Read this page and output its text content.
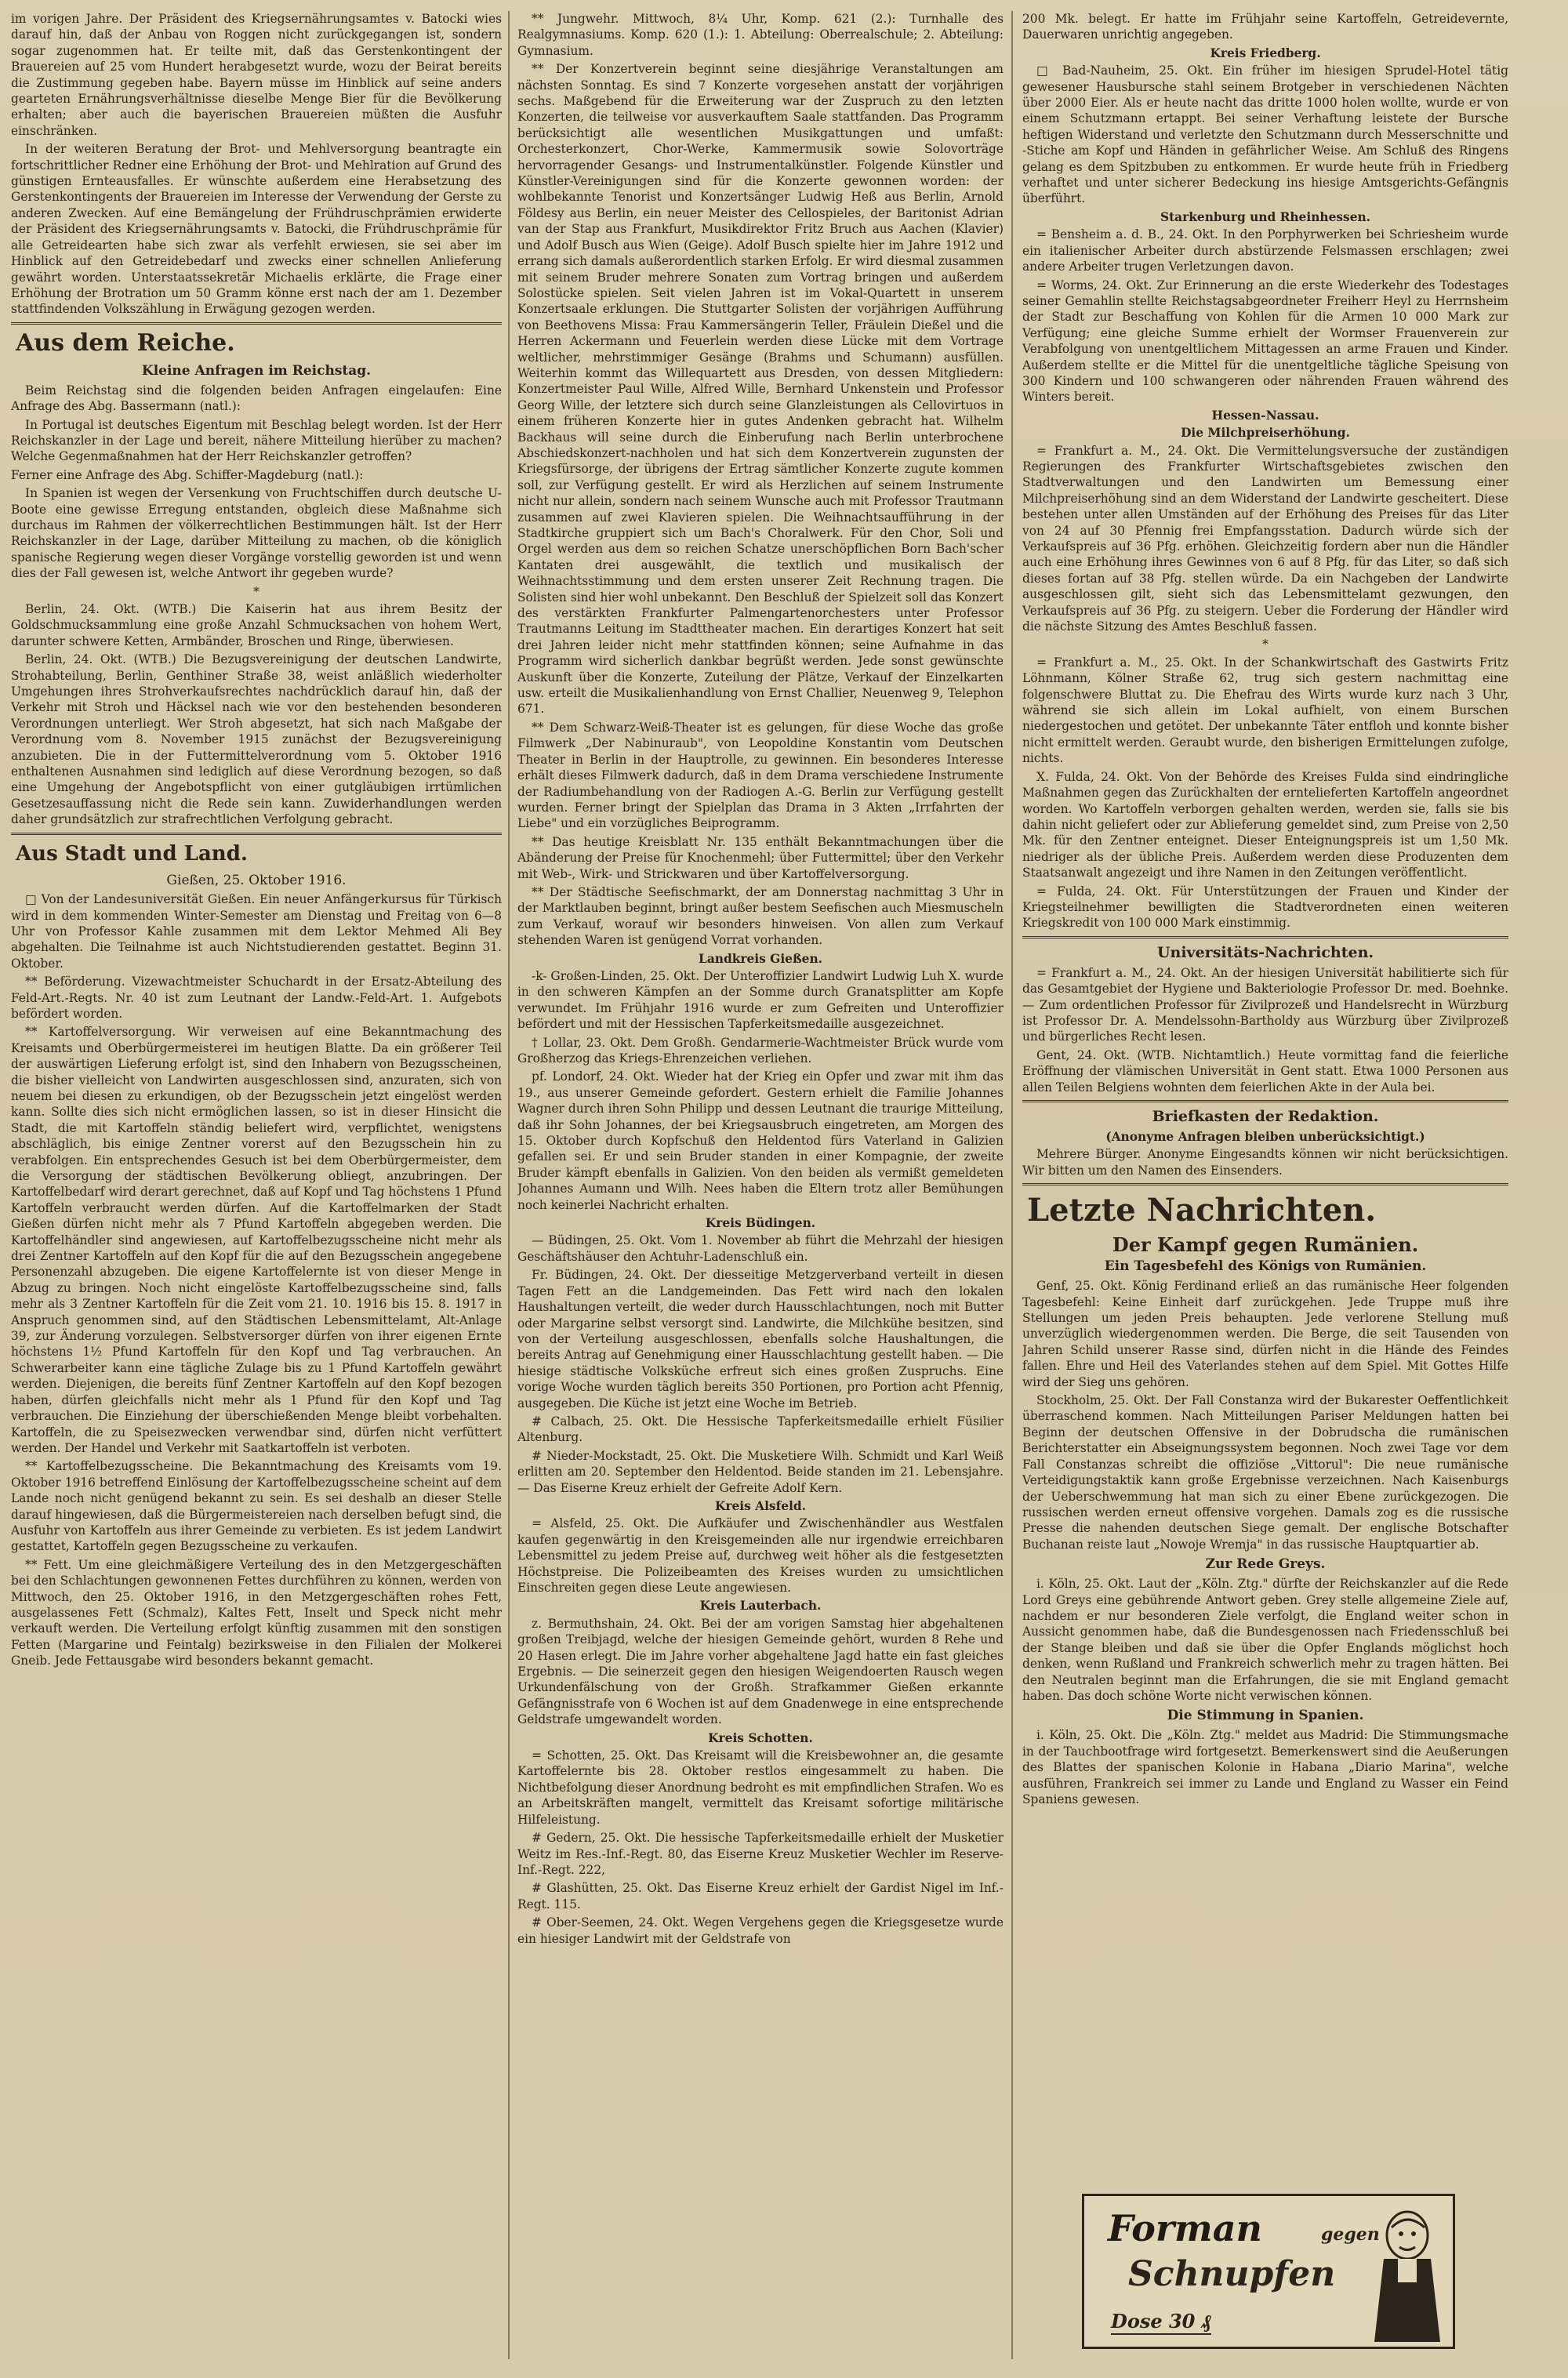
im vorigen Jahre. Der Präsident des Kriegsernährungsamtes v. Batocki wies darauf hin, daß der Anbau von Roggen nicht zurückgegangen ist, sondern sogar zugenommen hat. Er teilte mit, daß das Gerstenkontingent der Brauereien auf 25 vom Hundert herabgesetzt wurde, wozu der Beirat bereits die Zustimmung gegeben habe. Bayern müsse im Hinblick auf seine anders gearteten Ernährungsverhältnisse dieselbe Menge Bier für die Bevölkerung erhalten; aber auch die bayerischen Brauereien müßten die Ausfuhr einschränken.

In der weiteren Beratung der Brot- und Mehlversorgung beantragte ein fortschrittlicher Redner eine Erhöhung der Brot- und Mehlration auf Grund des günstigen Ernteausfalles. Er wünschte außerdem eine Herabsetzung des Gerstenkontingents der Brauereien im Interesse der Verwendung der Gerste zu anderen Zwecken. Auf eine Bemängelung der Frühdruschprämien erwiderte der Präsident des Kriegsernährungsamts v. Batocki, die Frühdruschprämie für alle Getreidearten habe sich zwar als verfehlt erwiesen, sie sei aber im Hinblick auf den Getreidebedarf und zwecks einer schnellen Anlieferung gewährt worden. Unterstaatssekretär Michaelis erklärte, die Frage einer Erhöhung der Brotration um 50 Gramm könne erst nach der am 1. Dezember stattfindenden Volkszählung in Erwägung gezogen werden.

Aus dem Reiche.
Kleine Anfragen im Reichstag.

Beim Reichstag sind die folgenden beiden Anfragen eingelaufen: Eine Anfrage des Abg. Bassermann (natl.):

In Portugal ist deutsches Eigentum mit Beschlag belegt worden. Ist der Herr Reichskanzler in der Lage und bereit, nähere Mitteilung hierüber zu machen? Welche Gegenmaßnahmen hat der Herr Reichskanzler getroffen?

Ferner eine Anfrage des Abg. Schiffer-Magdeburg (natl.):

In Spanien ist wegen der Versenkung von Fruchtschiffen durch deutsche U-Boote eine gewisse Erregung entstanden, obgleich diese Maßnahme sich durchaus im Rahmen der völkerrechtlichen Bestimmungen hält. Ist der Herr Reichskanzler in der Lage, darüber Mitteilung zu machen, ob die königlich spanische Regierung wegen dieser Vorgänge vorstellig geworden ist und wenn dies der Fall gewesen ist, welche Antwort ihr gegeben wurde?

*

Berlin, 24. Okt. (WTB.) Die Kaiserin hat aus ihrem Besitz der Goldschmucksammlung eine große Anzahl Schmucksachen von hohem Wert, darunter schwere Ketten, Armbänder, Broschen und Ringe, überwiesen.

Berlin, 24. Okt. (WTB.) Die Bezugsvereinigung der deutschen Landwirte, Strohabteilung, Berlin, Genthiner Straße 38, weist anläßlich wiederholter Umgehungen ihres Strohverkaufsrechtes nachdrücklich darauf hin, daß der Verkehr mit Stroh und Häcksel nach wie vor den bestehenden besonderen Verordnungen unterliegt. Wer Stroh abgesetzt, hat sich nach Maßgabe der Verordnung vom 8. November 1915 zunächst der Bezugsvereinigung anzubieten. Die in der Futtermittelverordnung vom 5. Oktober 1916 enthaltenen Ausnahmen sind lediglich auf diese Verordnung bezogen, so daß eine Umgehung der Angebotspflicht von einer gutgläubigen irrtümlichen Gesetzesauffassung nicht die Rede sein kann. Zuwiderhandlungen werden daher grundsätzlich zur strafrechtlichen Verfolgung gebracht.

Aus Stadt und Land.
Gießen, 25. Oktober 1916.

□ Von der Landesuniversität Gießen. Ein neuer Anfängerkursus für Türkisch wird in dem kommenden Winter-Semester am Dienstag und Freitag von 6—8 Uhr von Professor Kahle zusammen mit dem Lektor Mehmed Ali Bey abgehalten. Die Teilnahme ist auch Nichtstudierenden gestattet. Beginn 31. Oktober.

** Beförderung. Vizewachtmeister Schuchardt in der Ersatz-Abteilung des Feld-Art.-Regts. Nr. 40 ist zum Leutnant der Landw.-Feld-Art. 1. Aufgebots befördert worden.

** Kartoffelversorgung. Wir verweisen auf eine Bekanntmachung des Kreisamts und Oberbürgermeisterei im heutigen Blatte. Da ein größerer Teil der auswärtigen Lieferung erfolgt ist, sind den Inhabern von Bezugsscheinen, die bisher vielleicht von Landwirten ausgeschlossen sind, anzuraten, sich von neuem bei diesen zu erkundigen, ob der Bezugsschein jetzt eingelöst werden kann. Sollte dies sich nicht ermöglichen lassen, so ist in dieser Hinsicht die Stadt, die mit Kartoffeln ständig beliefert wird, verpflichtet, wenigstens abschläglich, bis einige Zentner vorerst auf den Bezugsschein hin zu verabfolgen. Ein entsprechendes Gesuch ist bei dem Oberbürgermeister, dem die Versorgung der städtischen Bevölkerung obliegt, anzubringen. Der Kartoffelbedarf wird derart gerechnet, daß auf Kopf und Tag höchstens 1 Pfund Kartoffeln verbraucht werden dürfen. Auf die Kartoffelmarken der Stadt Gießen dürfen nicht mehr als 7 Pfund Kartoffeln abgegeben werden. Die Kartoffelhändler sind angewiesen, auf Kartoffelbezugsscheine nicht mehr als drei Zentner Kartoffeln auf den Kopf für die auf den Bezugsschein angegebene Personenzahl abzugeben. Die eigene Kartoffelernte ist von dieser Menge in Abzug zu bringen. Noch nicht eingelöste Kartoffelbezugsscheine sind, falls mehr als 3 Zentner Kartoffeln für die Zeit vom 21. 10. 1916 bis 15. 8. 1917 in Anspruch genommen sind, auf den Städtischen Lebensmittelamt, Alt-Anlage 39, zur Änderung vorzulegen. Selbstversorger dürfen von ihrer eigenen Ernte höchstens 1½ Pfund Kartoffeln für den Kopf und Tag verbrauchen. An Schwerarbeiter kann eine tägliche Zulage bis zu 1 Pfund Kartoffeln gewährt werden. Diejenigen, die bereits fünf Zentner Kartoffeln auf den Kopf bezogen haben, dürfen gleichfalls nicht mehr als 1 Pfund für den Kopf und Tag verbrauchen. Die Einziehung der überschießenden Menge bleibt vorbehalten. Kartoffeln, die zu Speisezwecken verwendbar sind, dürfen nicht verfüttert werden. Der Handel und Verkehr mit Saatkartoffeln ist verboten.

** Kartoffelbezugsscheine. Die Bekanntmachung des Kreisamts vom 19. Oktober 1916 betreffend Einlösung der Kartoffelbezugsscheine scheint auf dem Lande noch nicht genügend bekannt zu sein. Es sei deshalb an dieser Stelle darauf hingewiesen, daß die Bürgermeistereien nach derselben befugt sind, die Ausfuhr von Kartoffeln aus ihrer Gemeinde zu verbieten. Es ist jedem Landwirt gestattet, Kartoffeln gegen Bezugsscheine zu verkaufen.

** Fett. Um eine gleichmäßigere Verteilung des in den Metzgergeschäften bei den Schlachtungen gewonnenen Fettes durchführen zu können, werden von Mittwoch, den 25. Oktober 1916, in den Metzgergeschäften rohes Fett, ausgelassenes Fett (Schmalz), Kaltes Fett, Inselt und Speck nicht mehr verkauft werden. Die Verteilung erfolgt künftig zusammen mit den sonstigen Fetten (Margarine und Feintalg) bezirksweise in den Filialen der Molkerei Gneib. Jede Fettausgabe wird besonders bekannt gemacht.

** Jungwehr. Mittwoch, 8¼ Uhr, Komp. 621 (2.): Turnhalle des Realgymnasiums. Komp. 620 (1.): 1. Abteilung: Oberrealschule; 2. Abteilung: Gymnasium.

** Der Konzertverein beginnt seine diesjährige Veranstaltungen am nächsten Sonntag. Es sind 7 Konzerte vorgesehen anstatt der vorjährigen sechs. Maßgebend für die Erweiterung war der Zuspruch zu den letzten Konzerten, die teilweise vor ausverkauftem Saale stattfanden. Das Programm berücksichtigt alle wesentlichen Musikgattungen und umfaßt: Orchesterkonzert, Chor-Werke, Kammermusik sowie Solovorträge hervorragender Gesangs- und Instrumentalkünstler. Folgende Künstler und Künstler-Vereinigungen sind für die Konzerte gewonnen worden: der wohlbekannte Tenorist und Konzertsänger Ludwig Heß aus Berlin, Arnold Földesy aus Berlin, ein neuer Meister des Cellospieles, der Baritonist Adrian van der Stap aus Frankfurt, Musikdirektor Fritz Bruch aus Aachen (Klavier) und Adolf Busch aus Wien (Geige). Adolf Busch spielte hier im Jahre 1912 und errang sich damals außerordentlich starken Erfolg. Er wird diesmal zusammen mit seinem Bruder mehrere Sonaten zum Vortrag bringen und außerdem Solostücke spielen. Seit vielen Jahren ist im Vokal-Quartett in unserem Konzertsaale erklungen. Die Stuttgarter Solisten der vorjährigen Aufführung von Beethovens Missa: Frau Kammersängerin Teller, Fräulein Dießel und die Herren Ackermann und Feuerlein werden diese Lücke mit dem Vortrage weltlicher, mehrstimmiger Gesänge (Brahms und Schumann) ausfüllen. Weiterhin kommt das Willequartett aus Dresden, von dessen Mitgliedern: Konzertmeister Paul Wille, Alfred Wille, Bernhard Unkenstein und Professor Georg Wille, der letztere sich durch seine Glanzleistungen als Cellovirtuos in einem früheren Konzerte hier in gutes Andenken gebracht hat. Wilhelm Backhaus will seine durch die Einberufung nach Berlin unterbrochene Abschiedskonzert-nachholen und hat sich dem Konzertverein zugunsten der Kriegsfürsorge, der übrigens der Ertrag sämtlicher Konzerte zugute kommen soll, zur Verfügung gestellt. Er wird als Herzlichen auf seinem Instrumente nicht nur allein, sondern nach seinem Wunsche auch mit Professor Trautmann zusammen auf zwei Klavieren spielen. Die Weihnachtsaufführung in der Stadtkirche gruppiert sich um Bach's Choralwerk. Für den Chor, Soli und Orgel werden aus dem so reichen Schatze unerschöpflichen Born Bach'scher Kantaten drei ausgewählt, die textlich und musikalisch der Weihnachtsstimmung und dem ersten unserer Zeit Rechnung tragen. Die Solisten sind hier wohl unbekannt. Den Beschluß der Spielzeit soll das Konzert des verstärkten Frankfurter Palmengartenorchesters unter Professor Trautmanns Leitung im Stadttheater machen. Ein derartiges Konzert hat seit drei Jahren leider nicht mehr stattfinden können; seine Aufnahme in das Programm wird sicherlich dankbar begrüßt werden. Jede sonst gewünschte Auskunft über die Konzerte, Zuteilung der Plätze, Verkauf der Einzelkarten usw. erteilt die Musikalienhandlung von Ernst Challier, Neuenweg 9, Telephon 671.

** Dem Schwarz-Weiß-Theater ist es gelungen, für diese Woche das große Filmwerk „Der Nabinuraub", von Leopoldine Konstantin vom Deutschen Theater in Berlin in der Hauptrolle, zu gewinnen. Ein besonderes Interesse erhält dieses Filmwerk dadurch, daß in dem Drama verschiedene Instrumente der Radiumbehandlung von der Radiogen A.-G. Berlin zur Verfügung gestellt wurden. Ferner bringt der Spielplan das Drama in 3 Akten „Irrfahrten der Liebe" und ein vorzügliches Beiprogramm.

** Das heutige Kreisblatt Nr. 135 enthält Bekanntmachungen über die Abänderung der Preise für Knochenmehl; über Futtermittel; über den Verkehr mit Web-, Wirk- und Strickwaren und über Kartoffelversorgung.

** Der Städtische Seefischmarkt, der am Donnerstag nachmittag 3 Uhr in der Marktlauben beginnt, bringt außer bestem Seefischen auch Miesmuscheln zum Verkauf, worauf wir besonders hinweisen. Von allen zum Verkauf stehenden Waren ist genügend Vorrat vorhanden.

Landkreis Gießen.

-k- Großen-Linden, 25. Okt. Der Unteroffizier Landwirt Ludwig Luh X. wurde in den schweren Kämpfen an der Somme durch Granatsplitter am Kopfe verwundet. Im Frühjahr 1916 wurde er zum Gefreiten und Unteroffizier befördert und mit der Hessischen Tapferkeitsmedaille ausgezeichnet.

† Lollar, 23. Okt. Dem Großh. Gendarmerie-Wachtmeister Brück wurde vom Großherzog das Kriegs-Ehrenzeichen verliehen.

pf. Londorf, 24. Okt. Wieder hat der Krieg ein Opfer und zwar mit ihm das 19., aus unserer Gemeinde gefordert. Gestern erhielt die Familie Johannes Wagner durch ihren Sohn Philipp und dessen Leutnant die traurige Mitteilung, daß ihr Sohn Johannes, der bei Kriegsausbruch eingetreten, am Morgen des 15. Oktober durch Kopfschuß den Heldentod fürs Vaterland in Galizien gefallen sei. Er und sein Bruder standen in einer Kompagnie, der zweite Bruder kämpft ebenfalls in Galizien. Von den beiden als vermißt gemeldeten Johannes Aumann und Wilh. Nees haben die Eltern trotz aller Bemühungen noch keinerlei Nachricht erhalten.

Kreis Büdingen.

— Büdingen, 25. Okt. Vom 1. November ab führt die Mehrzahl der hiesigen Geschäftshäuser den Achtuhr-Ladenschluß ein.

Fr. Büdingen, 24. Okt. Der diesseitige Metzgerverband verteilt in diesen Tagen Fett an die Landgemeinden. Das Fett wird nach den lokalen Haushaltungen verteilt, die weder durch Hausschlachtungen, noch mit Butter oder Margarine selbst versorgt sind. Landwirte, die Milchkühe besitzen, sind von der Verteilung ausgeschlossen, ebenfalls solche Haushaltungen, die bereits Antrag auf Genehmigung einer Hausschlachtung gestellt haben. — Die hiesige städtische Volksküche erfreut sich eines großen Zuspruchs. Eine vorige Woche wurden täglich bereits 350 Portionen, pro Portion acht Pfennig, ausgegeben. Die Küche ist jetzt eine Woche im Betrieb.

# Calbach, 25. Okt. Die Hessische Tapferkeitsmedaille erhielt Füsilier Altenburg.

# Nieder-Mockstadt, 25. Okt. Die Musketiere Wilh. Schmidt und Karl Weiß erlitten am 20. September den Heldentod. Beide standen im 21. Lebensjahre. — Das Eiserne Kreuz erhielt der Gefreite Adolf Kern.

Kreis Alsfeld.

= Alsfeld, 25. Okt. Die Aufkäufer und Zwischenhändler aus Westfalen kaufen gegenwärtig in den Kreisgemeinden alle nur irgendwie erreichbaren Lebensmittel zu jedem Preise auf, durchweg weit höher als die festgesetzten Höchstpreise. Die Polizeibeamten des Kreises wurden zu umsichtlichen Einschreiten gegen diese Leute angewiesen.

Kreis Lauterbach.

z. Bermuthshain, 24. Okt. Bei der am vorigen Samstag hier abgehaltenen großen Treibjagd, welche der hiesigen Gemeinde gehört, wurden 8 Rehe und 20 Hasen erlegt. Die im Jahre vorher abgehaltene Jagd hatte ein fast gleiches Ergebnis. — Die seinerzeit gegen den hiesigen Weigendoerten Rausch wegen Urkundenfälschung von der Großh. Strafkammer Gießen erkannte Gefängnisstrafe von 6 Wochen ist auf dem Gnadenwege in eine entsprechende Geldstrafe umgewandelt worden.

Kreis Schotten.

= Schotten, 25. Okt. Das Kreisamt will die Kreisbewohner an, die gesamte Kartoffelernte bis 28. Oktober restlos eingesammelt zu haben. Die Nichtbefolgung dieser Anordnung bedroht es mit empfindlichen Strafen. Wo es an Arbeitskräften mangelt, vermittelt das Kreisamt sofortige militärische Hilfeleistung.

# Gedern, 25. Okt. Die hessische Tapferkeitsmedaille erhielt der Musketier Weitz im Res.-Inf.-Regt. 80, das Eiserne Kreuz Musketier Wechler im Reserve-Inf.-Regt. 222,

# Glashütten, 25. Okt. Das Eiserne Kreuz erhielt der Gardist Nigel im Inf.-Regt. 115.

# Ober-Seemen, 24. Okt. Wegen Vergehens gegen die Kriegsgesetze wurde ein hiesiger Landwirt mit der Geldstrafe von

200 Mk. belegt. Er hatte im Frühjahr seine Kartoffeln, Getreidevernte, Dauerwaren unrichtig angegeben.

Kreis Friedberg.

□ Bad-Nauheim, 25. Okt. Ein früher im hiesigen Sprudel-Hotel tätig gewesener Hausbursche stahl seinem Brotgeber in verschiedenen Nächten über 2000 Eier. Als er heute nacht das dritte 1000 holen wollte, wurde er von einem Schutzmann ertappt. Bei seiner Verhaftung leistete der Bursche heftigen Widerstand und verletzte den Schutzmann durch Messerschnitte und -Stiche am Kopf und Händen in gefährlicher Weise. Am Schluß des Ringens gelang es dem Spitzbuben zu entkommen. Er wurde heute früh in Friedberg verhaftet und unter sicherer Bedeckung ins hiesige Amtsgerichts-Gefängnis überführt.

Starkenburg und Rheinhessen.

= Bensheim a. d. B., 24. Okt. In den Porphyrwerken bei Schriesheim wurde ein italienischer Arbeiter durch abstürzende Felsmassen erschlagen; zwei andere Arbeiter trugen Verletzungen davon.

= Worms, 24. Okt. Zur Erinnerung an die erste Wiederkehr des Todestages seiner Gemahlin stellte Reichstagsabgeordneter Freiherr Heyl zu Herrnsheim der Stadt zur Beschaffung von Kohlen für die Armen 10 000 Mark zur Verfügung; eine gleiche Summe erhielt der Wormser Frauenverein zur Verabfolgung von unentgeltlichem Mittagessen an arme Frauen und Kinder. Außerdem stellte er die Mittel für die unentgeltliche tägliche Speisung von 300 Kindern und 100 schwangeren oder nährenden Frauen während des Winters bereit.

Hessen-Nassau.
Die Milchpreiserhöhung.

= Frankfurt a. M., 24. Okt. Die Vermittelungsversuche der zuständigen Regierungen des Frankfurter Wirtschaftsgebietes zwischen den Stadtverwaltungen und den Landwirten um Bemessung einer Milchpreiserhöhung sind an dem Widerstand der Landwirte gescheitert. Diese bestehen unter allen Umständen auf der Erhöhung des Preises für das Liter von 24 auf 30 Pfennig frei Empfangsstation. Dadurch würde sich der Verkaufspreis auf 36 Pfg. erhöhen. Gleichzeitig fordern aber nun die Händler auch eine Erhöhung ihres Gewinnes von 6 auf 8 Pfg. für das Liter, so daß sich dieses fortan auf 38 Pfg. stellen würde. Da ein Nachgeben der Landwirte ausgeschlossen gilt, sieht sich das Lebensmittelamt gezwungen, den Verkaufspreis auf 36 Pfg. zu steigern. Ueber die Forderung der Händler wird die nächste Sitzung des Amtes Beschluß fassen.

*

= Frankfurt a. M., 25. Okt. In der Schankwirtschaft des Gastwirts Fritz Löhnmann, Kölner Straße 62, trug sich gestern nachmittag eine folgenschwere Bluttat zu. Die Ehefrau des Wirts wurde kurz nach 3 Uhr, während sie sich allein im Lokal aufhielt, von einem Burschen niedergestochen und getötet. Der unbekannte Täter entfloh und konnte bisher nicht ermittelt werden. Geraubt wurde, den bisherigen Ermittelungen zufolge, nichts.

X. Fulda, 24. Okt. Von der Behörde des Kreises Fulda sind eindringliche Maßnahmen gegen das Zurückhalten der erntelieferten Kartoffeln angeordnet worden. Wo Kartoffeln verborgen gehalten werden, werden sie, falls sie bis dahin nicht geliefert oder zur Ablieferung gemeldet sind, zum Preise von 2,50 Mk. für den Zentner enteignet. Dieser Enteignungspreis ist um 1,50 Mk. niedriger als der übliche Preis. Außerdem werden diese Produzenten dem Staatsanwalt angezeigt und ihre Namen in den Zeitungen veröffentlicht.

= Fulda, 24. Okt. Für Unterstützungen der Frauen und Kinder der Kriegsteilnehmer bewilligten die Stadtverordneten einen weiteren Kriegskredit von 100 000 Mark einstimmig.

Universitäts-Nachrichten.

= Frankfurt a. M., 24. Okt. An der hiesigen Universität habilitierte sich für das Gesamtgebiet der Hygiene und Bakteriologie Professor Dr. med. Boehnke. — Zum ordentlichen Professor für Zivilprozeß und Handelsrecht in Würzburg ist Professor Dr. A. Mendelssohn-Bartholdy aus Würzburg über Zivilprozeß und bürgerliches Recht lesen.

Gent, 24. Okt. (WTB. Nichtamtlich.) Heute vormittag fand die feierliche Eröffnung der vlämischen Universität in Gent statt. Etwa 1000 Personen aus allen Teilen Belgiens wohnten dem feierlichen Akte in der Aula bei.

Briefkasten der Redaktion.
(Anonyme Anfragen bleiben unberücksichtigt.)

Mehrere Bürger. Anonyme Eingesandts können wir nicht berücksichtigen. Wir bitten um den Namen des Einsenders.

Letzte Nachrichten.
Der Kampf gegen Rumänien.
Ein Tagesbefehl des Königs von Rumänien.

Genf, 25. Okt. König Ferdinand erließ an das rumänische Heer folgenden Tagesbefehl: Keine Einheit darf zurückgehen. Jede Truppe muß ihre Stellungen um jeden Preis behaupten. Jede verlorene Stellung muß unverzüglich wiedergenommen werden. Die Berge, die seit Tausenden von Jahren Schild unserer Rasse sind, dürfen nicht in die Hände des Feindes fallen. Ehre und Heil des Vaterlandes stehen auf dem Spiel. Mit Gottes Hilfe wird der Sieg uns gehören.

Stockholm, 25. Okt. Der Fall Constanza wird der Bukarester Oeffentlichkeit überraschend kommen. Nach Mitteilungen Pariser Meldungen hatten bei Beginn der deutschen Offensive in der Dobrudscha die rumänischen Berichterstatter ein Abseignungssystem begonnen. Noch zwei Tage vor dem Fall Constanzas schreibt die offiziöse „Vittorul": Die neue rumänische Verteidigungstaktik kann große Ergebnisse verzeichnen. Nach Kaisenburgs der Ueberschwemmung hat man sich zu einer Ebene zurückgezogen. Die russischen werden erneut offensive vorgehen. Damals zog es die russische Presse die nahenden deutschen Siege gemalt. Der englische Botschafter Buchanan reiste laut „Nowoje Wremja" in das russische Hauptquartier ab.

Zur Rede Greys.

i. Köln, 25. Okt. Laut der „Köln. Ztg." dürfte der Reichskanzler auf die Rede Lord Greys eine gebührende Antwort geben. Grey stelle allgemeine Ziele auf, nachdem er nur besonderen Ziele verfolgt, die England weiter schon in Aussicht genommen habe, daß die Bundesgenossen nach Friedensschluß bei der Stange bleiben und daß sie über die Opfer Englands möglichst hoch denken, wenn Rußland und Frankreich schwerlich mehr zu tragen hätten. Bei den Neutralen beginnt man die Erfahrungen, die sie mit England gemacht haben. Das doch schöne Worte nicht verwischen können.

Die Stimmung in Spanien.

i. Köln, 25. Okt. Die „Köln. Ztg." meldet aus Madrid: Die Stimmungsmache in der Tauchbootfrage wird fortgesetzt. Bemerkenswert sind die Aeußerungen des Blattes der spanischen Kolonie in Habana „Diario Marina", welche ausführen, Frankreich sei immer zu Lande und England zu Wasser ein Feind Spaniens gewesen.

Forman	gegen
Schnupfen
Dose 30 ₰
